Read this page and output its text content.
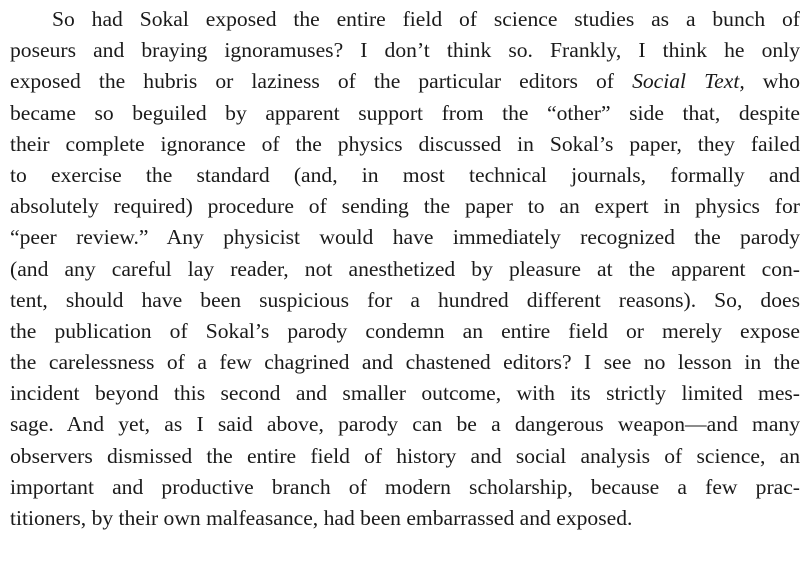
So had Sokal exposed the entire field of science studies as a bunch of
poseurs and braying ignoramuses? I don’t think so. Frankly, I think he only
exposed the hubris or laziness of the particular editors of Social Text, who
became so beguiled by apparent support from the “other” side that, despite
their complete ignorance of the physics discussed in Sokal’s paper, they failed
to exercise the standard (and, in most technical journals, formally and
absolutely required) procedure of sending the paper to an expert in physics for
“peer review.” Any physicist would have immediately recognized the parody
(and any careful lay reader, not anesthetized by pleasure at the apparent con-
tent, should have been suspicious for a hundred different reasons). So, does
the publication of Sokal’s parody condemn an entire field or merely expose
the carelessness of a few chagrined and chastened editors? I see no lesson in the
incident beyond this second and smaller outcome, with its strictly limited mes-
sage. And yet, as I said above, parody can be a dangerous weapon—and many
observers dismissed the entire field of history and social analysis of science, an
important and productive branch of modern scholarship, because a few prac-
titioners, by their own malfeasance, had been embarrassed and exposed.
